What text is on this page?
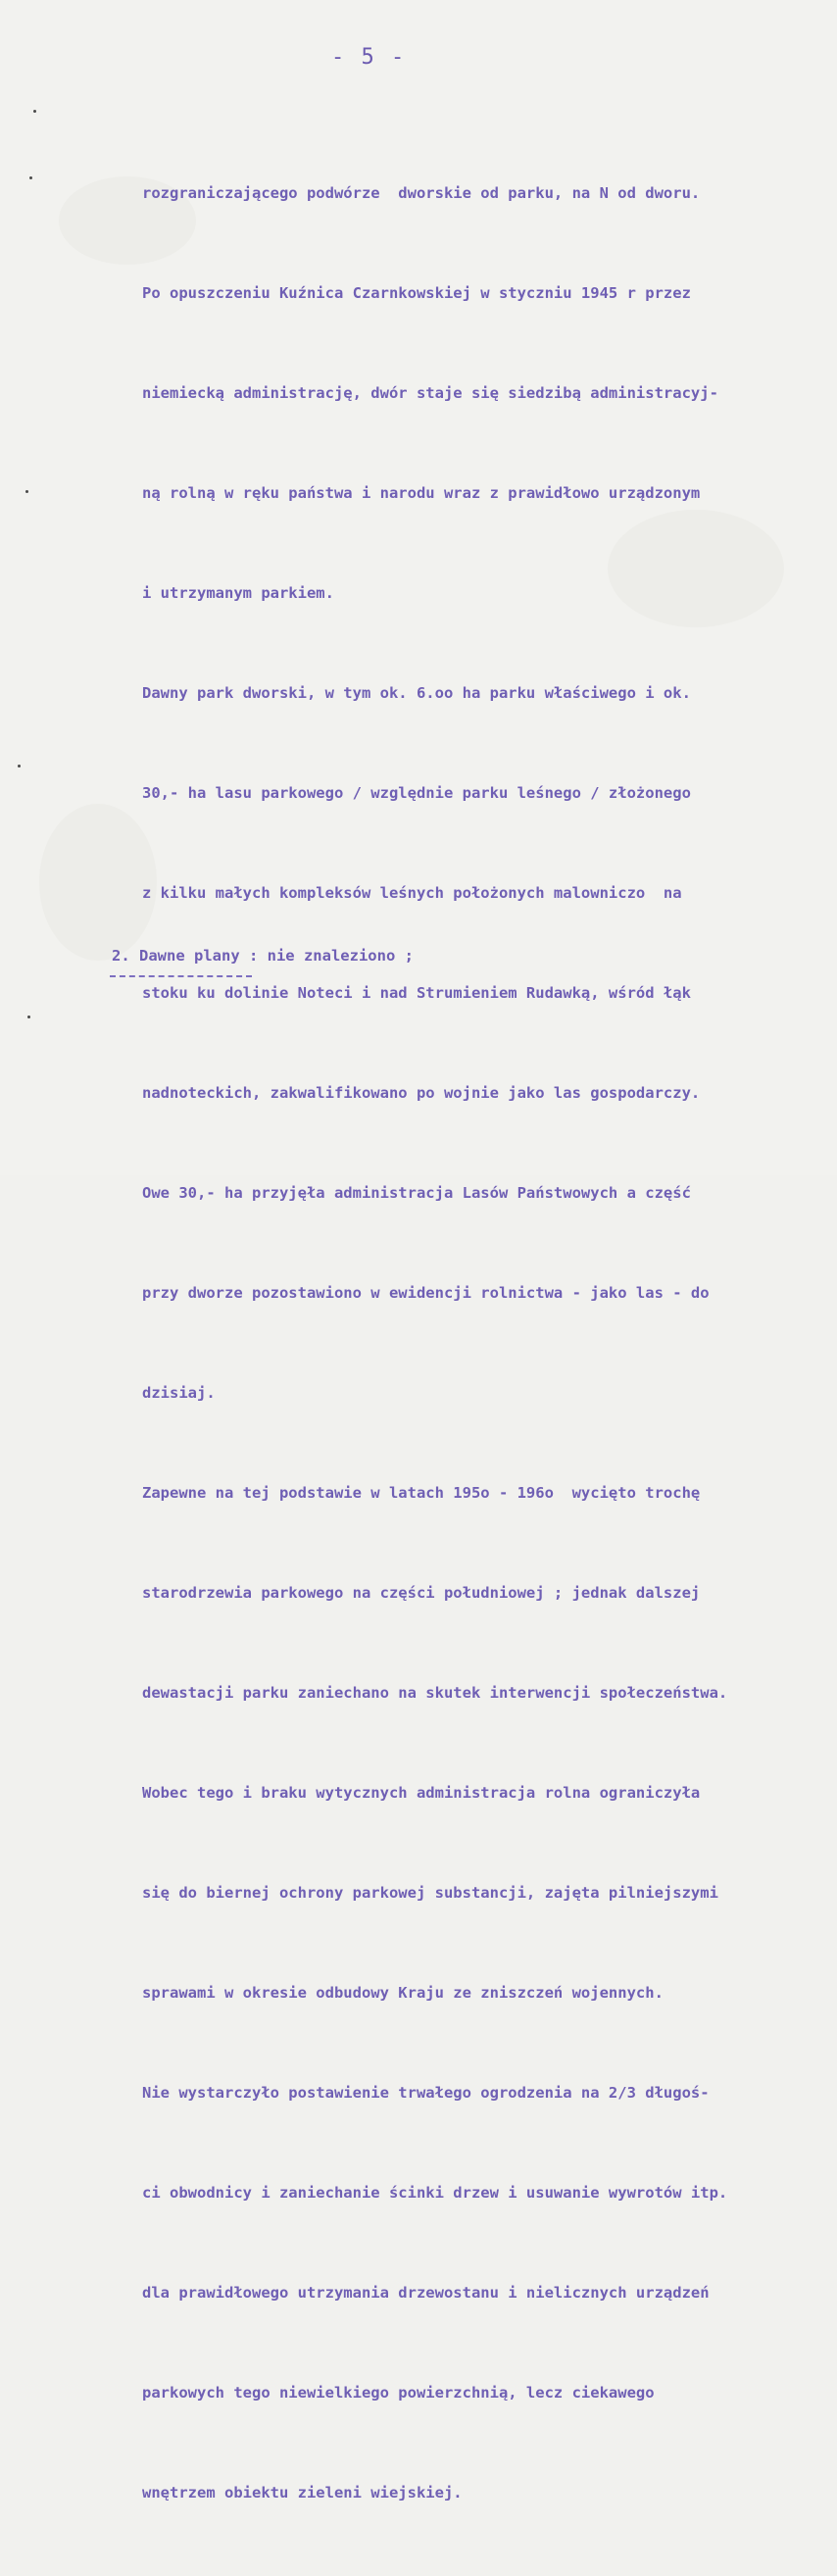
- 5 -

rozgraniczającego podwórze  dworskie od parku, na N od dworu.

Po opuszczeniu Kuźnica Czarnkowskiej w styczniu 1945 r przez

niemiecką administrację, dwór staje się siedzibą administracyj-

ną rolną w ręku państwa i narodu wraz z prawidłowo urządzonym

i utrzymanym parkiem.

Dawny park dworski, w tym ok. 6.oo ha parku właściwego i ok.

30,- ha lasu parkowego / względnie parku leśnego / złożonego

z kilku małych kompleksów leśnych położonych malowniczo  na

stoku ku dolinie Noteci i nad Strumieniem Rudawką, wśród łąk

nadnoteckich, zakwalifikowano po wojnie jako las gospodarczy.

Owe 30,- ha przyjęła administracja Lasów Państwowych a część

przy dworze pozostawiono w ewidencji rolnictwa - jako las - do

dzisiaj.

Zapewne na tej podstawie w latach 195o - 196o  wycięto trochę

starodrzewia parkowego na części południowej ; jednak dalszej

dewastacji parku zaniechano na skutek interwencji społeczeństwa.

Wobec tego i braku wytycznych administracja rolna ograniczyła

się do biernej ochrony parkowej substancji, zajęta pilniejszymi

sprawami w okresie odbudowy Kraju ze zniszczeń wojennych.

Nie wystarczyło postawienie trwałego ogrodzenia na 2/3 długoś-

ci obwodnicy i zaniechanie ścinki drzew i usuwanie wywrotów itp.

dla prawidłowego utrzymania drzewostanu i nielicznych urządzeń

parkowych tego niewielkiego powierzchnią, lecz ciekawego

wnętrzem obiektu zieleni wiejskiej.

2. Dawne plany : nie znaleziono ;
